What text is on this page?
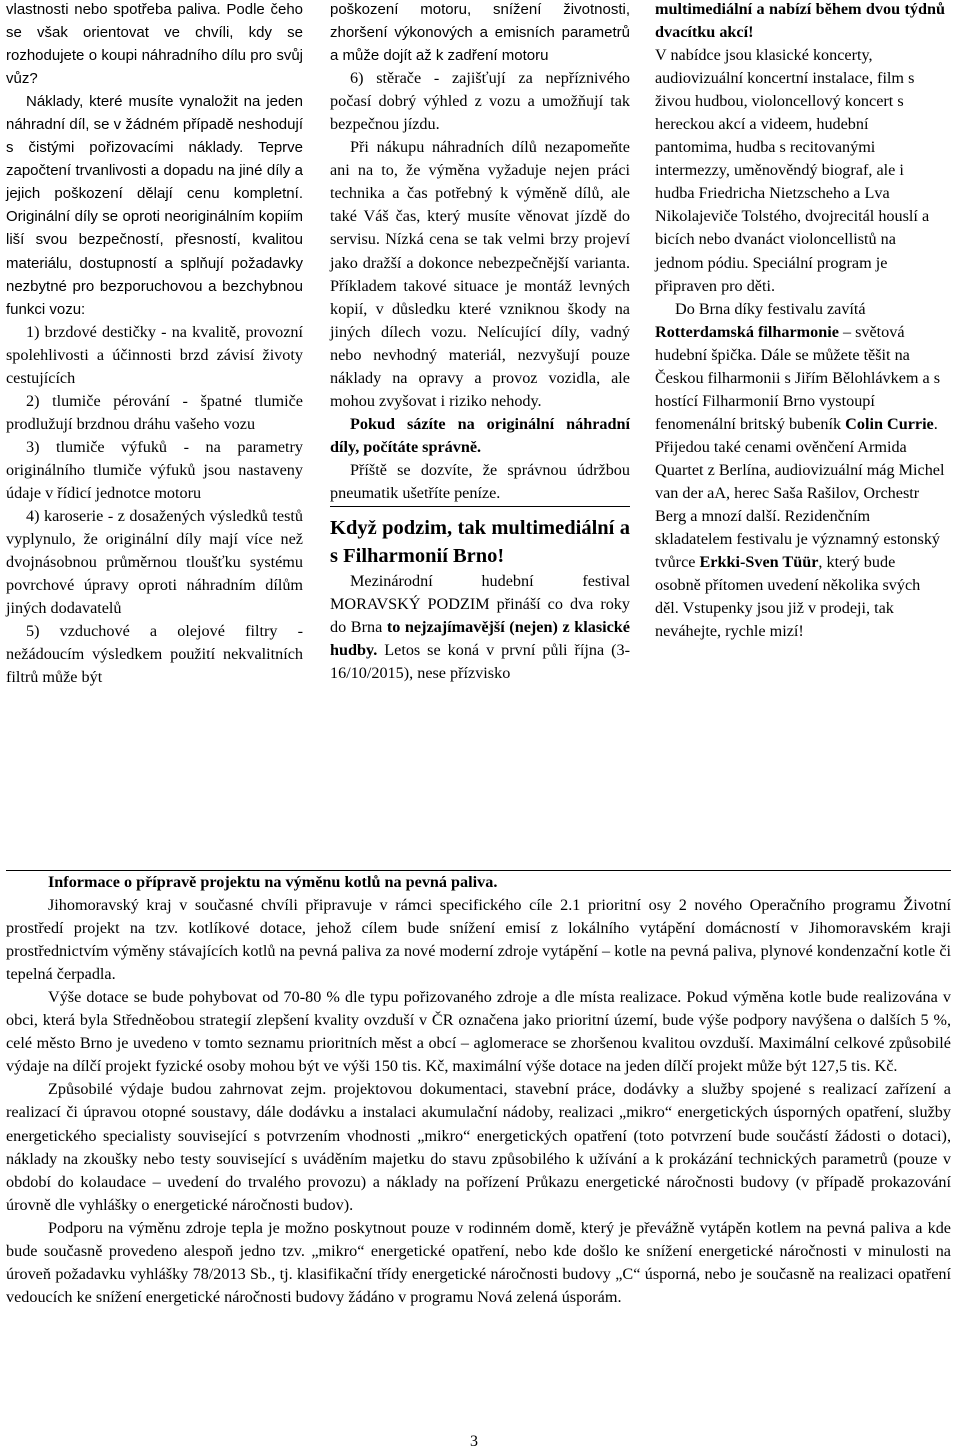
vlastnosti nebo spotřeba paliva. Podle čeho se však orientovat ve chvíli, kdy se rozhodujete o koupi náhradního dílu pro svůj vůz?

Náklady, které musíte vynaložit na jeden náhradní díl, se v žádném případě neshodují s čistými pořizovacími náklady. Teprve započtení trvanlivosti a dopadu na jiné díly a jejich poškození dělají cenu kompletní. Originální díly se oproti neoriginálním kopiím liší svou bezpečností, přesností, kvalitou materiálu, dostupností a splňují požadavky nezbytné pro bezporuchovou a bezchybnou funkci vozu:

1) brzdové destičky - na kvalitě, provozní spolehlivosti a účinnosti brzd závisí životy cestujících

2) tlumiče pérování - špatné tlumiče prodlužují brzdnou dráhu vašeho vozu

3) tlumiče výfuků - na parametry originálního tlumiče výfuků jsou nastaveny údaje v řídicí jednotce motoru

4) karoserie - z dosažených výsledků testů vyplynulo, že originální díly mají více než dvojnásobnou průměrnou tloušťku systému povrchové úpravy oproti náhradním dílům jiných dodavatelů

5) vzduchové a olejové filtry - nežádoucím výsledkem použití nekvalitních filtrů může být

poškození motoru, snížení životnosti, zhoršení výkonových a emisních parametrů a může dojít až k zadření motoru

6) stěrače - zajišťují za nepříznivého počasí dobrý výhled z vozu a umožňují tak bezpečnou jízdu.

Při nákupu náhradních dílů nezapomeňte ani na to, že výměna vyžaduje nejen práci technika a čas potřebný k výměně dílů, ale také Váš čas, který musíte věnovat jízdě do servisu. Nízká cena se tak velmi brzy projeví jako dražší a dokonce nebezpečnější varianta. Příkladem takové situace je montáž levných kopií, v důsledku které vzniknou škody na jiných dílech vozu. Nelícující díly, vadný nebo nevhodný materiál, nezvyšují pouze náklady na opravy a provoz vozidla, ale mohou zvyšovat i riziko nehody.

Pokud sázíte na originální náhradní díly, počítáte správně.

Příště se dozvíte, že správnou údržbou pneumatik ušetříte peníze.

Když podzim, tak multimediální a s Filharmonií Brno!

Mezinárodní hudební festival MORAVSKÝ PODZIM přináší co dva roky do Brna to nejzajímavější (nejen) z klasické hudby. Letos se koná v první půli října (3-16/10/2015), nese přízvisko

multimediální a nabízí během dvou týdnů dvacítku akcí!

V nabídce jsou klasické koncerty, audiovizuální koncertní instalace, film s živou hudbou, violoncellový koncert s hereckou akcí a videem, hudební pantomima, hudba s recitovanými intermezzy, uměnověndý biograf, ale i hudba Friedricha Nietzscheho a Lva Nikolajeviče Tolstého, dvojrecitál houslí a bicích nebo dvanáct violoncellistů na jednom pódiu. Speciální program je připraven pro děti.

Do Brna díky festivalu zavítá Rotterdamská filharmonie – světová hudební špička. Dále se můžete těšit na Českou filharmonii s Jiřím Bělohlávkem a s hostící Filharmonií Brno vystoupí fenomenální britský bubeník Colin Currie. Přijedou také cenami ověnčení Armida Quartet z Berlína, audiovizuální mág Michel van der aA, herec Saša Rašilov, Orchestr Berg a mnozí další. Rezidenčním skladatelem festivalu je významný estonský tvůrce Erkki-Sven Tüür, který bude osobně přítomen uvedení několika svých děl. Vstupenky jsou již v prodeji, tak neváhejte, rychle mizí!

Informace o přípravě projektu na výměnu kotlů na pevná paliva.

Jihomoravský kraj v současné chvíli připravuje v rámci specifického cíle 2.1 prioritní osy 2 nového Operačního programu Životní prostředí projekt na tzv. kotlíkové dotace, jehož cílem bude snížení emisí z lokálního vytápění domácností v Jihomoravském kraji prostřednictvím výměny stávajících kotlů na pevná paliva za nové moderní zdroje vytápění – kotle na pevná paliva, plynové kondenzační kotle či tepelná čerpadla.

Výše dotace se bude pohybovat od 70-80 % dle typu pořizovaného zdroje a dle místa realizace. Pokud výměna kotle bude realizována v obci, která byla Středněobou strategií zlepšení kvality ovzduší v ČR označena jako prioritní území, bude výše podpory navýšena o dalších 5 %, celé město Brno je uvedeno v tomto seznamu prioritních měst a obcí – aglomerace se zhoršenou kvalitou ovzduší. Maximální celkové způsobilé výdaje na dílčí projekt fyzické osoby mohou být ve výši 150 tis. Kč, maximální výše dotace na jeden dílčí projekt může být 127,5 tis. Kč.

Způsobilé výdaje budou zahrnovat zejm. projektovou dokumentaci, stavební práce, dodávky a služby spojené s realizací zařízení a realizací či úpravou otopné soustavy, dále dodávku a instalaci akumulační nádoby, realizaci „mikro“ energetických úsporných opatření, služby energetického specialisty související s potvrzením vhodnosti „mikro“ energetických opatření (toto potvrzení bude součástí žádosti o dotaci), náklady na zkoušky nebo testy související s uváděním majetku do stavu způsobilého k užívání a k prokázání technických parametrů (pouze v období do kolaudace – uvedení do trvalého provozu) a náklady na pořízení Průkazu energetické náročnosti budovy (v případě prokazování úrovně dle vyhlášky o energetické náročnosti budov).

Podporu na výměnu zdroje tepla je možno poskytnout pouze v rodinném domě, který je převážně vytápěn kotlem na pevná paliva a kde bude současně provedeno alespoň jedno tzv. „mikro“ energetické opatření, nebo kde došlo ke snížení energetické náročnosti v minulosti na úroveň požadavku vyhlášky 78/2013 Sb., tj. klasifikační třídy energetické náročnosti budovy „C“ úsporná, nebo je současně na realizaci opatření vedoucích ke snížení energetické náročnosti budovy žádáno v programu Nová zelená úsporám.

3
